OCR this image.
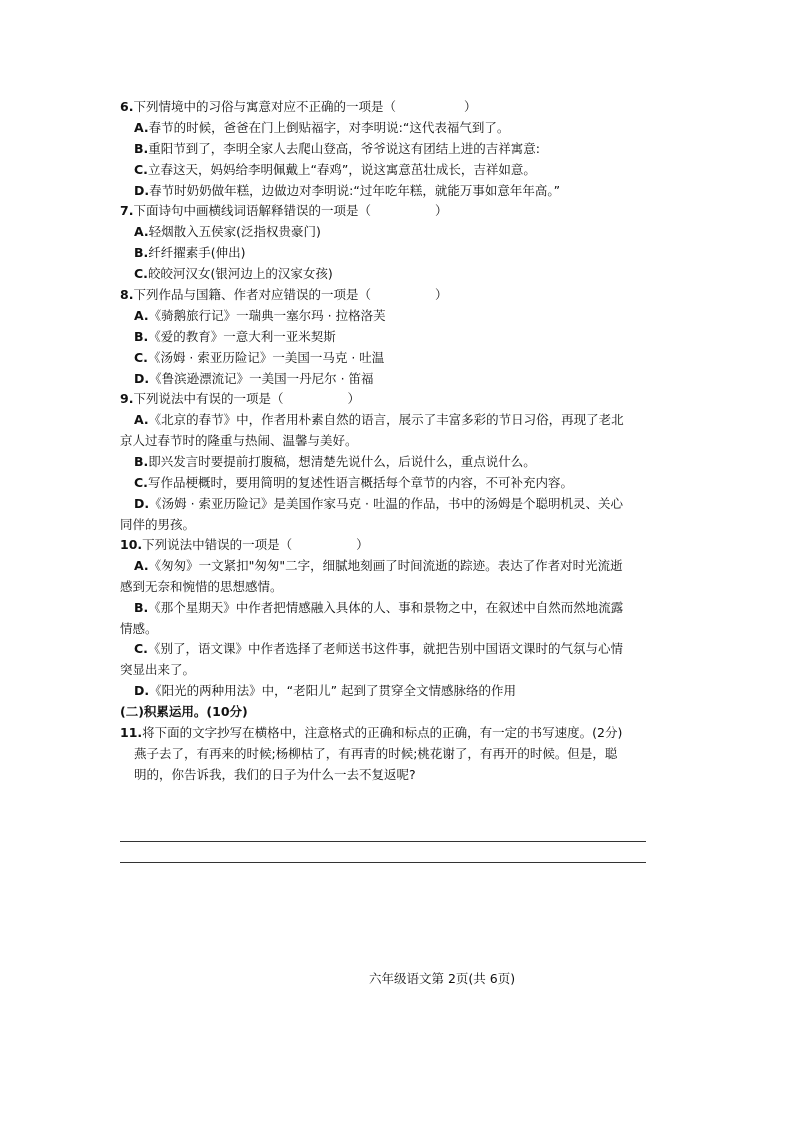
6.下列情境中的习俗与寓意对应不正确的一项是（	）
A.春节的时候，爸爸在门上倒贴福字，对李明说:“这代表福气到了。
B.重阳节到了，李明全家人去爬山登高，爷爷说这有团结上进的吉祥寓意:
C.立春这天，妈妈给李明佩戴上“春鸡”，说这寓意茁壮成长，吉祥如意。
D.春节时奶奶做年糕，边做边对李明说:“过年吃年糕，就能万事如意年年高。”
7.下面诗句中画横线词语解释错误的一项是（	）
A.轻烟散入五侯家(泛指权贵豪门)
B.纤纤擢素手(伸出)
C.皎皎河汉女(银河边上的汉家女孩)
8.下列作品与国籍、作者对应错误的一项是（	）
A.《骑鹅旅行记》一瑞典一塞尔玛 · 拉格洛芙
B.《爱的教育》一意大利一亚米契斯
C.《汤姆 · 索亚历险记》一美国一马克 · 吐温
D.《鲁滨逊漂流记》一美国一丹尼尔 · 笛福
9.下列说法中有误的一项是（	）
A.《北京的春节》中，作者用朴素自然的语言，展示了丰富多彩的节日习俗，再现了老北
京人过春节时的隆重与热闹、温馨与美好。
B.即兴发言时要提前打腹稿，想清楚先说什么，后说什么，重点说什么。
C.写作品梗概时，要用简明的复述性语言概括每个章节的内容，不可补充内容。
D.《汤姆 · 索亚历险记》是美国作家马克 · 吐温的作品，书中的汤姆是个聪明机灵、关心
同伴的男孩。
10.下列说法中错误的一项是（	）
A.《匆匆》一文紧扣"匆匆"二字，细腻地刻画了时间流逝的踪迹。表达了作者对时光流逝
感到无奈和惋惜的思想感情。
B.《那个星期天》中作者把情感融入具体的人、事和景物之中，在叙述中自然而然地流露
情感。
C.《别了，语文课》中作者选择了老师送书这件事，就把告别中国语文课时的气氛与心情
突显出来了。
D.《阳光的两种用法》中，“老阳儿” 起到了贯穿全文情感脉络的作用
(二)积累运用。(10分)
11.将下面的文字抄写在横格中，注意格式的正确和标点的正确，有一定的书写速度。(2分)
燕子去了，有再来的时候;杨柳枯了，有再青的时候;桃花谢了，有再开的时候。但是，聪
明的，你告诉我，我们的日子为什么一去不复返呢?
六年级语文第 2页(共 6页)
